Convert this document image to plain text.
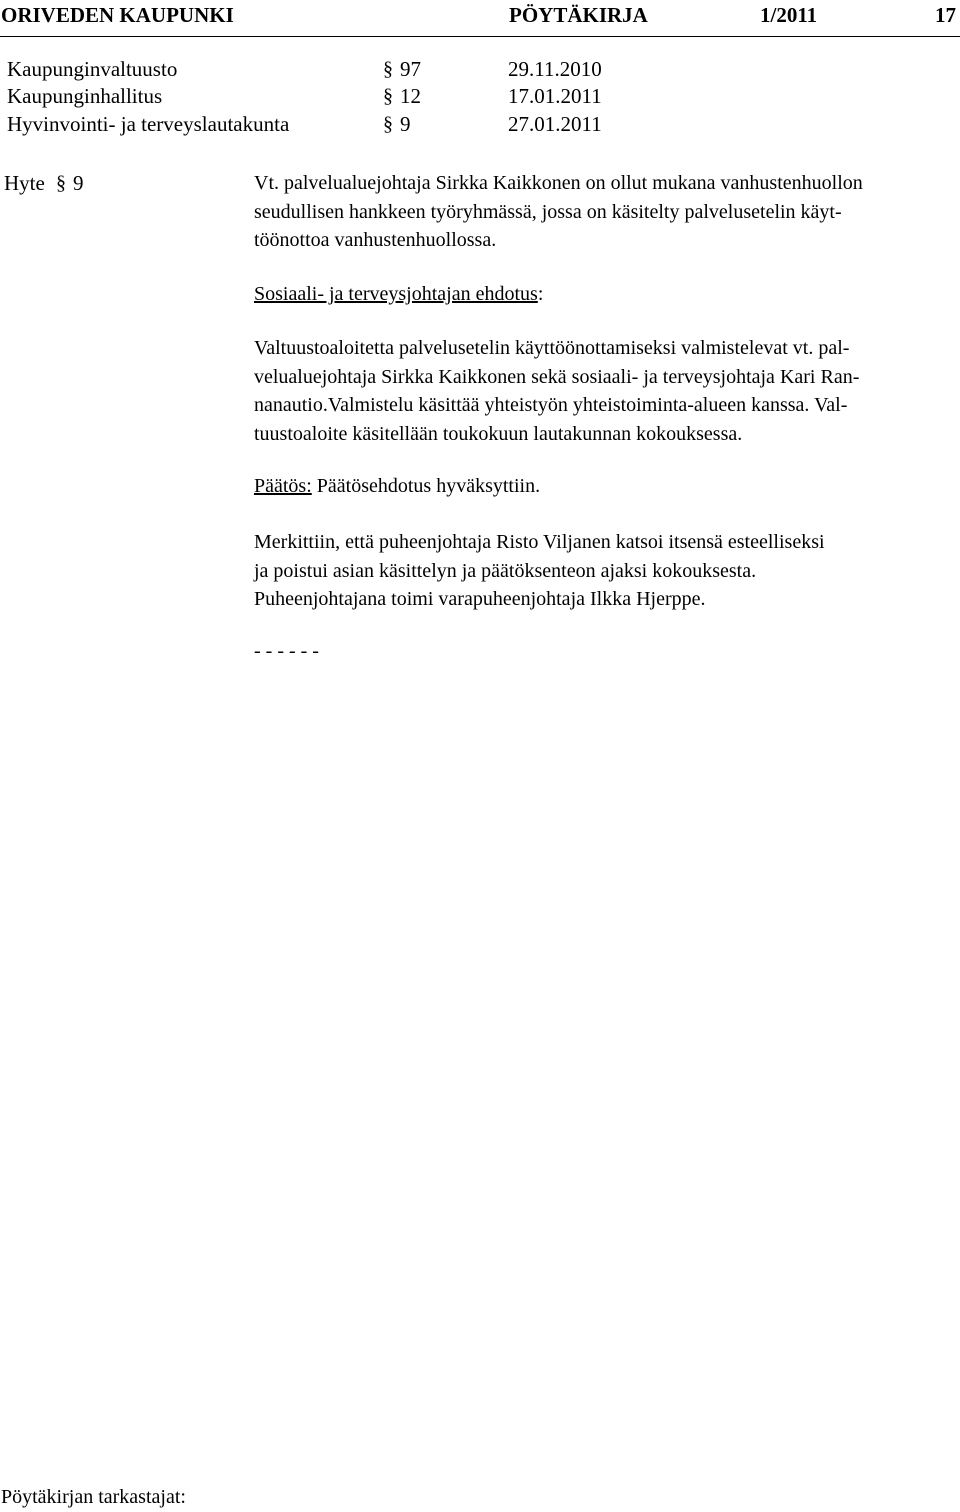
ORIVEDEN KAUPUNKI	PÖYTÄKIRJA	1/2011	17
Kaupunginvaltuusto	§ 97	29.11.2010
Kaupunginhallitus	§ 12	17.01.2011
Hyvinvointi- ja terveyslautakunta	§ 9	27.01.2011
Hyte § 9	Vt. palvelualuejohtaja Sirkka Kaikkonen on ollut mukana vanhustenhuollon

seudullisen hankkeen työryhmässä, jossa on käsitelty palvelusetelin käyt-

töönottoa vanhustenhuollossa.

Sosiaali- ja terveysjohtajan ehdotus:

Valtuustoaloitetta palvelusetelin käyttöönottamiseksi valmistelevat vt. pal-

velualuejohtaja Sirkka Kaikkonen sekä sosiaali- ja terveysjohtaja Kari Ran-

nanautio.Valmistelu käsittää yhteistyön yhteistoiminta-alueen kanssa. Val-

tuustoaloite käsitellään toukokuun lautakunnan kokouksessa.

Päätös: Päätösehdotus hyväksyttiin.

Merkittiin, että puheenjohtaja Risto Viljanen katsoi itsensä esteelliseksi

ja poistui asian käsittelyn ja päätöksenteon ajaksi kokouksesta.

Puheenjohtajana toimi varapuheenjohtaja Ilkka Hjerppe.

- - - - - -

Pöytäkirjan tarkastajat:
